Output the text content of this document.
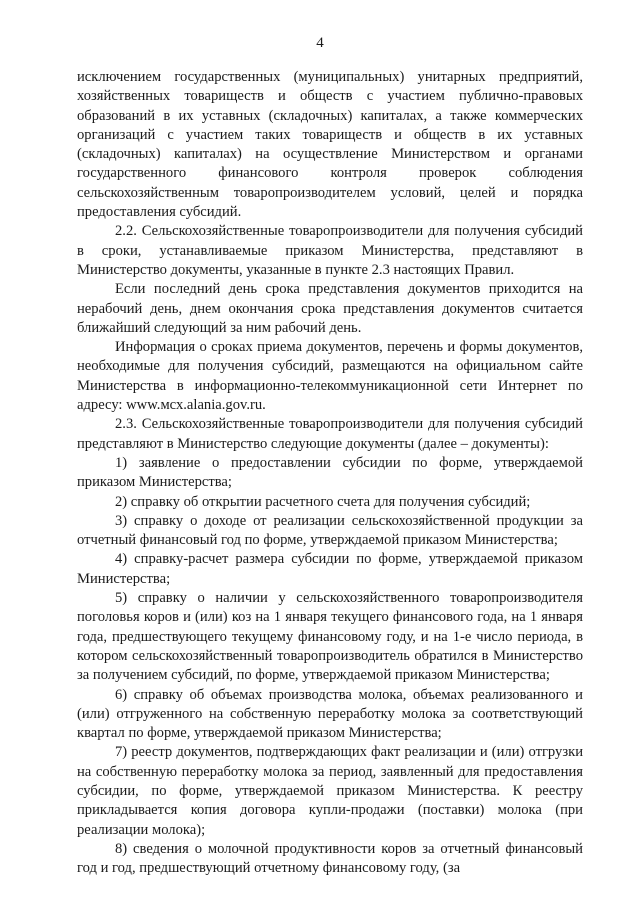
4

исключением государственных (муниципальных) унитарных предприятий, хозяйственных товариществ и обществ с участием публично-правовых образований в их уставных (складочных) капиталах, а также коммерческих организаций с участием таких товариществ и обществ в их уставных (складочных) капиталах) на осуществление Министерством и органами государственного финансового контроля проверок соблюдения сельскохозяйственным товаропроизводителем условий, целей и порядка предоставления субсидий.

2.2. Сельскохозяйственные товаропроизводители для получения субсидий в сроки, устанавливаемые приказом Министерства, представляют в Министерство документы, указанные в пункте 2.3 настоящих Правил.

Если последний день срока представления документов приходится на нерабочий день, днем окончания срока представления документов считается ближайший следующий за ним рабочий день.

Информация о сроках приема документов, перечень и формы документов, необходимые для получения субсидий, размещаются на официальном сайте Министерства в информационно-телекоммуникационной сети Интернет по адресу: www.мсх.alania.gov.ru.

2.3. Сельскохозяйственные товаропроизводители для получения субсидий представляют в Министерство следующие документы (далее – документы):

1) заявление о предоставлении субсидии по форме, утверждаемой приказом Министерства;

2) справку об открытии расчетного счета для получения субсидий;

3) справку о доходе от реализации сельскохозяйственной продукции за отчетный финансовый год по форме, утверждаемой приказом Министерства;

4) справку-расчет размера субсидии по форме, утверждаемой приказом Министерства;

5) справку о наличии у сельскохозяйственного товаропроизводителя поголовья коров и (или) коз на 1 января текущего финансового года, на 1 января года, предшествующего текущему финансовому году, и на 1-е число периода, в котором сельскохозяйственный товаропроизводитель обратился в Министерство за получением субсидий, по форме, утверждаемой приказом Министерства;

6) справку об объемах производства молока, объемах реализованного и (или) отгруженного на собственную переработку молока за соответствующий квартал по форме, утверждаемой приказом Министерства;

7) реестр документов, подтверждающих факт реализации и (или) отгрузки на собственную переработку молока за период, заявленный для предоставления субсидии, по форме, утверждаемой приказом Министерства. К реестру прикладывается копия договора купли-продажи (поставки) молока (при реализации молока);

8) сведения о молочной продуктивности коров за отчетный финансовый год и год, предшествующий отчетному финансовому году, (за
